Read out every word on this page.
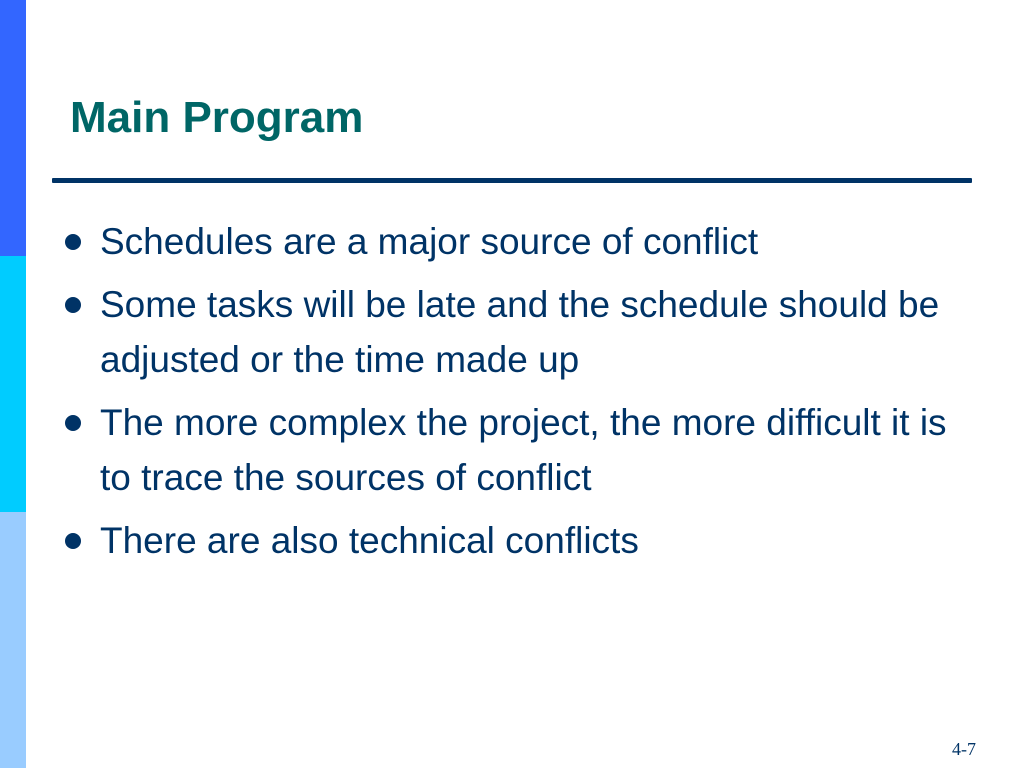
Main Program
Schedules are a major source of conflict
Some tasks will be late and the schedule should be adjusted or the time made up
The more complex the project, the more difficult it is to trace the sources of conflict
There are also technical conflicts
4-7
